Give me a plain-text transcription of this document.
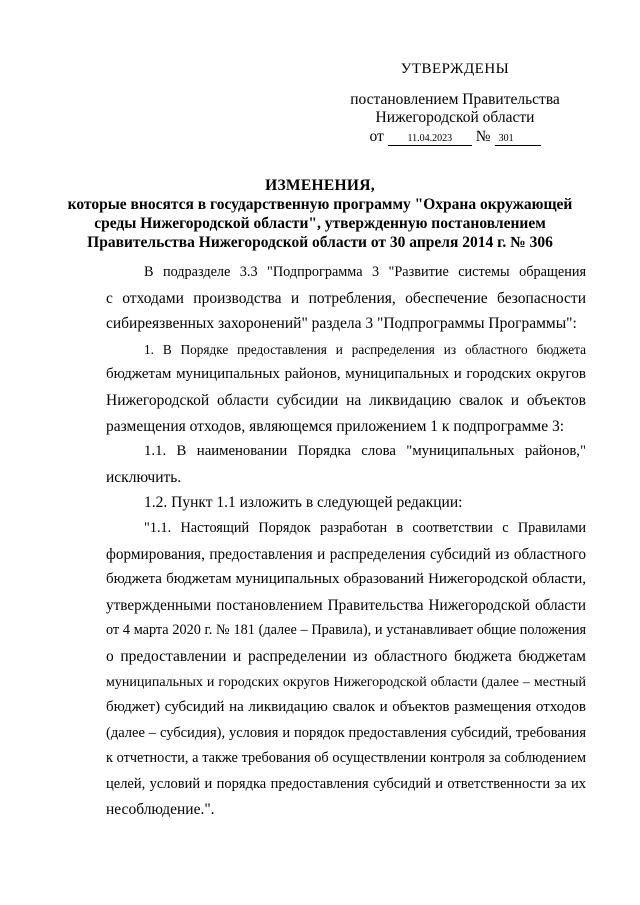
УТВЕРЖДЕНЫ
постановлением Правительства
Нижегородской области
от	11.04.2023	№ 301
ИЗМЕНЕНИЯ,
которые вносятся в государственную программу "Охрана окружающей
среды Нижегородской области", утвержденную постановлением
Правительства Нижегородской области от 30 апреля 2014 г. № 306
В подразделе 3.3 "Подпрограмма 3 "Развитие системы обращения
с отходами производства и потребления, обеспечение безопасности
сибиреязвенных захоронений" раздела 3 "Подпрограммы Программы":
1. В Порядке предоставления и распределения из областного бюджета
бюджетам муниципальных районов, муниципальных и городских округов
Нижегородской области субсидии на ликвидацию свалок и объектов
размещения отходов, являющемся приложением 1 к подпрограмме 3:
1.1. В наименовании Порядка слова "муниципальных районов,"
исключить.
1.2. Пункт 1.1 изложить в следующей редакции:
"1.1. Настоящий Порядок разработан в соответствии с Правилами
формирования, предоставления и распределения субсидий из областного
бюджета бюджетам муниципальных образований Нижегородской области,
утвержденными постановлением Правительства Нижегородской области
от 4 марта 2020 г. № 181 (далее – Правила), и устанавливает общие положения
о предоставлении и распределении из областного бюджета бюджетам
муниципальных и городских округов Нижегородской области (далее – местный
бюджет) субсидий на ликвидацию свалок и объектов размещения отходов
(далее – субсидия), условия и порядок предоставления субсидий, требования
к отчетности, а также требования об осуществлении контроля за соблюдением
целей, условий и порядка предоставления субсидий и ответственности за их
несоблюдение.".
